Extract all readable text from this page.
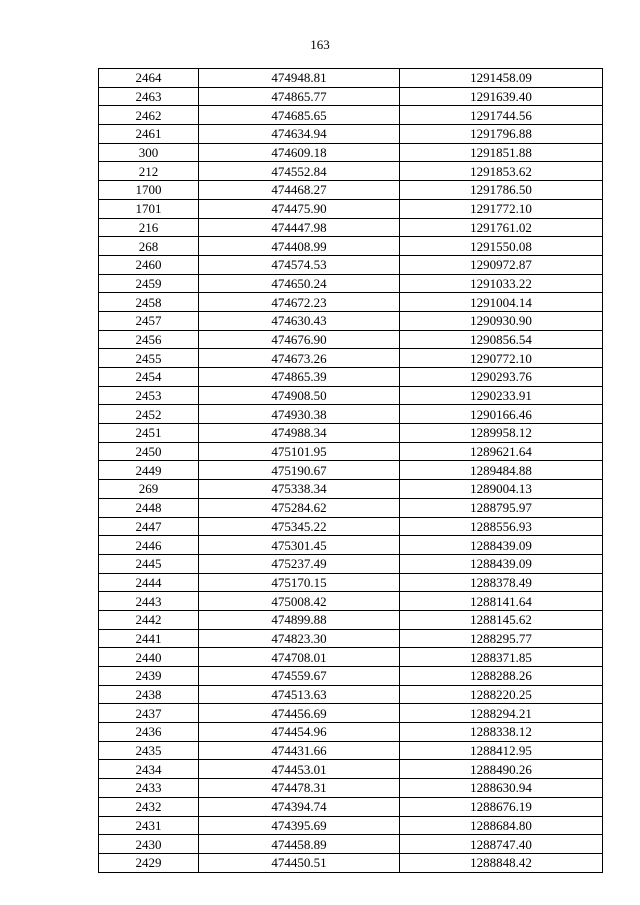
163
2464	474948.81	1291458.09
2463	474865.77	1291639.40
2462	474685.65	1291744.56
2461	474634.94	1291796.88
300	474609.18	1291851.88
212	474552.84	1291853.62
1700	474468.27	1291786.50
1701	474475.90	1291772.10
216	474447.98	1291761.02
268	474408.99	1291550.08
2460	474574.53	1290972.87
2459	474650.24	1291033.22
2458	474672.23	1291004.14
2457	474630.43	1290930.90
2456	474676.90	1290856.54
2455	474673.26	1290772.10
2454	474865.39	1290293.76
2453	474908.50	1290233.91
2452	474930.38	1290166.46
2451	474988.34	1289958.12
2450	475101.95	1289621.64
2449	475190.67	1289484.88
269	475338.34	1289004.13
2448	475284.62	1288795.97
2447	475345.22	1288556.93
2446	475301.45	1288439.09
2445	475237.49	1288439.09
2444	475170.15	1288378.49
2443	475008.42	1288141.64
2442	474899.88	1288145.62
2441	474823.30	1288295.77
2440	474708.01	1288371.85
2439	474559.67	1288288.26
2438	474513.63	1288220.25
2437	474456.69	1288294.21
2436	474454.96	1288338.12
2435	474431.66	1288412.95
2434	474453.01	1288490.26
2433	474478.31	1288630.94
2432	474394.74	1288676.19
2431	474395.69	1288684.80
2430	474458.89	1288747.40
2429	474450.51	1288848.42
